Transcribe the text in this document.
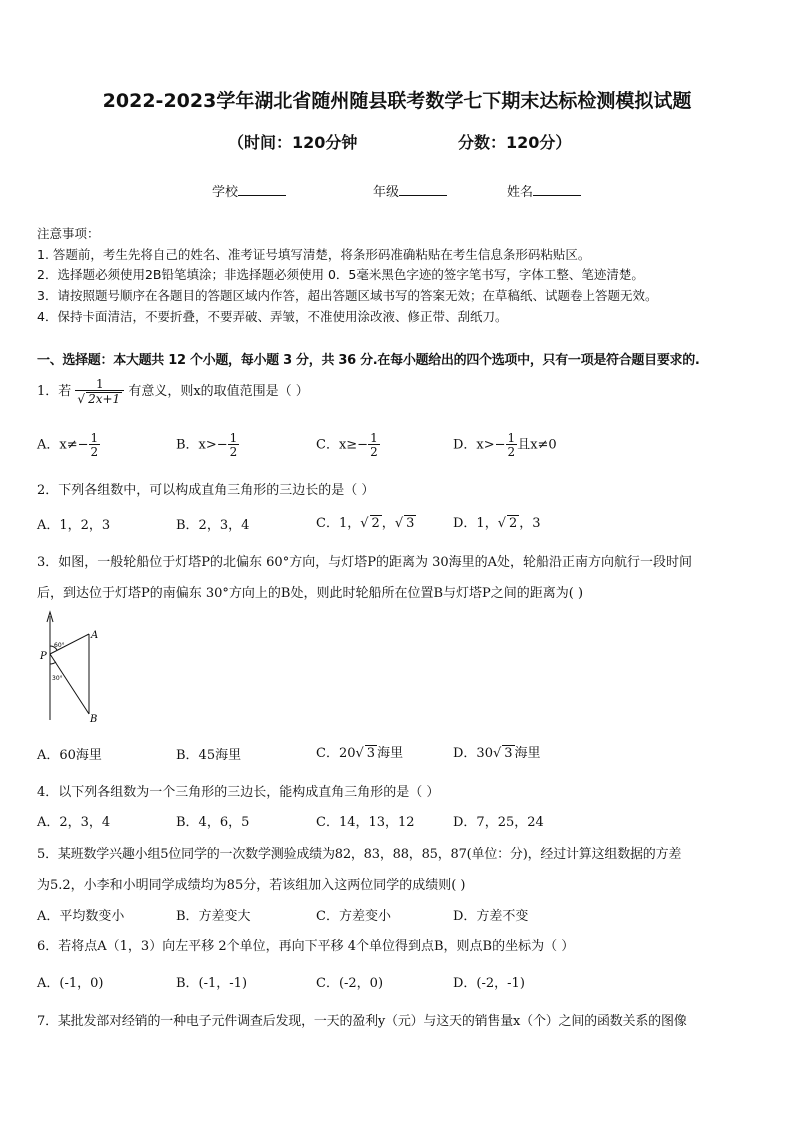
2022-2023学年湖北省随州随县联考数学七下期末达标检测模拟试题
（时间：120分钟	分数：120分）
学校	年级	姓名
注意事项：
1. 答题前，考生先将自己的姓名、准考证号填写清楚，将条形码准确粘贴在考生信息条形码粘贴区。
2．选择题必须使用2B铅笔填涂；非选择题必须使用 0．5毫米黑色字迹的签字笔书写，字体工整、笔迹清楚。
3．请按照题号顺序在各题目的答题区域内作答，超出答题区域书写的答案无效；在草稿纸、试题卷上答题无效。
4．保持卡面清洁，不要折叠，不要弄破、弄皱，不准使用涂改液、修正带、刮纸刀。
一、选择题：本大题共 12 个小题，每小题 3 分，共 36 分.在每小题给出的四个选项中，只有一项是符合题目要求的.
1．若 $\frac{1}{√ 2x+1}$ 有意义，则x的取值范围是（ ）
A．$x\ne- \frac{1}{2}$	B．$x>- \frac{1}{2}$	C．$x\ge- \frac{1}{2}$	D．$x>- \frac{1}{2}$ 且x≠0
2．下列各组数中，可以构成直角三角形的三边长的是（ ）
A．1，2，3	B．2，3，4	C．1，√ 2 ，√ 3	D．1，√ 2 ，3
3．如图，一般轮船位于灯塔P的北偏东 60°方向，与灯塔P的距离为 30海里的A处，轮船沿正南方向航行一段时间
后，到达位于灯塔P的南偏东 30°方向上的B处，则此时轮船所在位置B与灯塔P之间的距离为( )
A
B
P
60°
30°
A．60海里	B．45海里	C．20√ 3 海里	D．30√ 3 海里
4．以下列各组数为一个三角形的三边长，能构成直角三角形的是（ ）
A．2，3，4	B．4，6，5	C．14，13，12	D．7，25，24
5．某班数学兴趣小组5位同学的一次数学测验成绩为82，83，88，85，87(单位：分)，经过计算这组数据的方差
为5.2，小李和小明同学成绩均为85分，若该组加入这两位同学的成绩则( )
A．平均数变小	B．方差变大	C．方差变小	D．方差不变
6．若将点A（1，3）向左平移 2个单位，再向下平移 4个单位得到点B，则点B的坐标为（ ）
A．(-1，0)	B．(-1，-1)	C．(-2，0)	D．(-2，-1)
7．某批发部对经销的一种电子元件调查后发现，一天的盈利y（元）与这天的销售量x（个）之间的函数关系的图像
